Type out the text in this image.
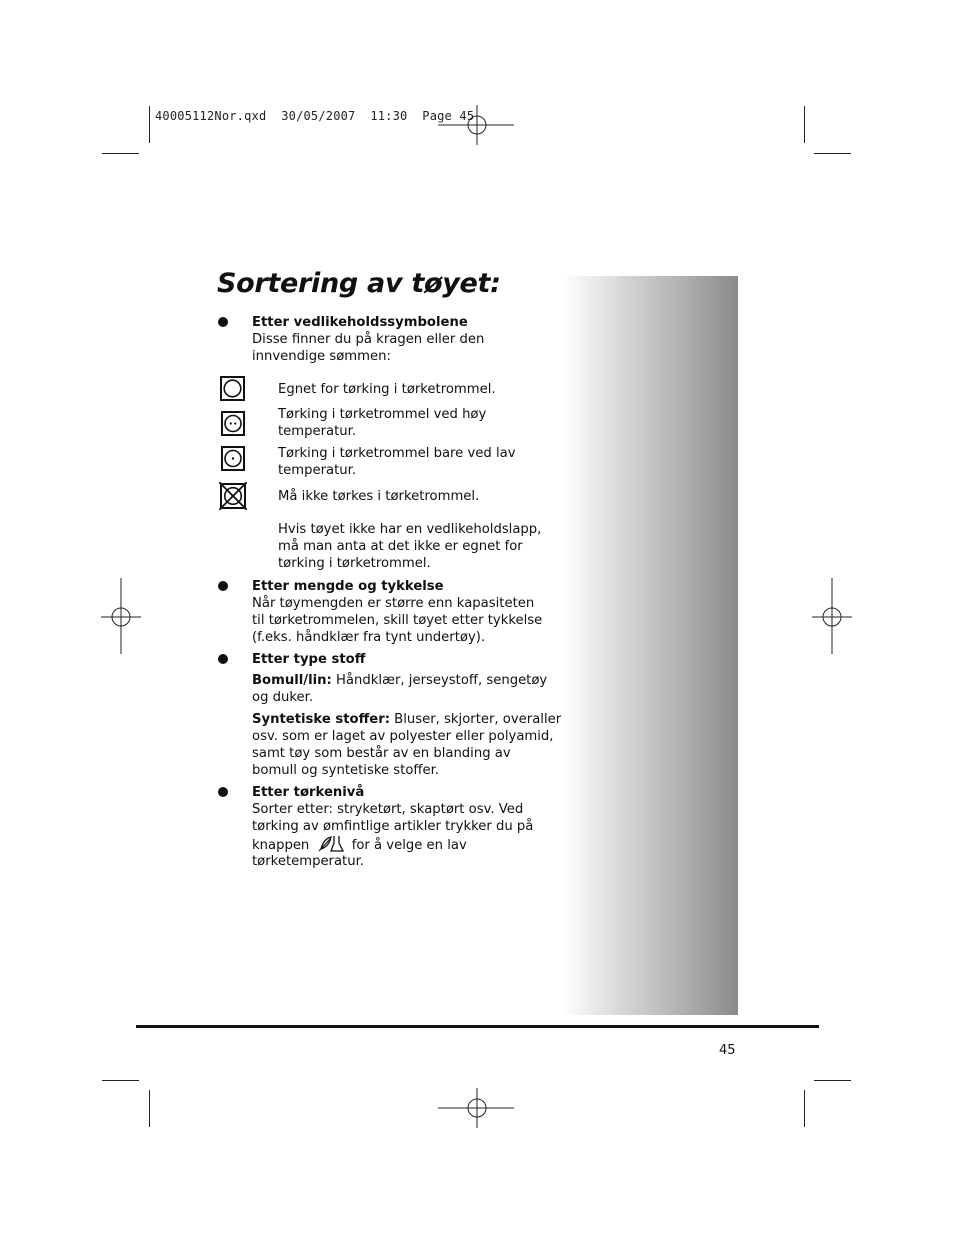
40005112Nor.qxd  30/05/2007  11:30  Page 45
Sortering av tøyet:
Etter vedlikeholdssymbolene
Disse finner du på kragen eller den
innvendige sømmen:
Egnet for tørking i tørketrommel.
Tørking i tørketrommel ved høy
temperatur.
Tørking i tørketrommel bare ved lav
temperatur.
Må ikke tørkes i tørketrommel.
Hvis tøyet ikke har en vedlikeholdslapp,
må man anta at det ikke er egnet for
tørking i tørketrommel.
Etter mengde og tykkelse
Når tøymengden er større enn kapasiteten
til tørketrommelen, skill tøyet etter tykkelse
(f.eks. håndklær fra tynt undertøy).
Etter type stoff
Bomull/lin: Håndklær, jerseystoff, sengetøy
og duker.
Syntetiske stoffer: Bluser, skjorter, overaller
osv. som er laget av polyester eller polyamid,
samt tøy som består av en blanding av
bomull og syntetiske stoffer.
Etter tørkenivå
Sorter etter: stryketørt, skaptørt osv. Ved
tørking av ømfintlige artikler trykker du på
knappen	for å velge en lav
tørketemperatur.
45
